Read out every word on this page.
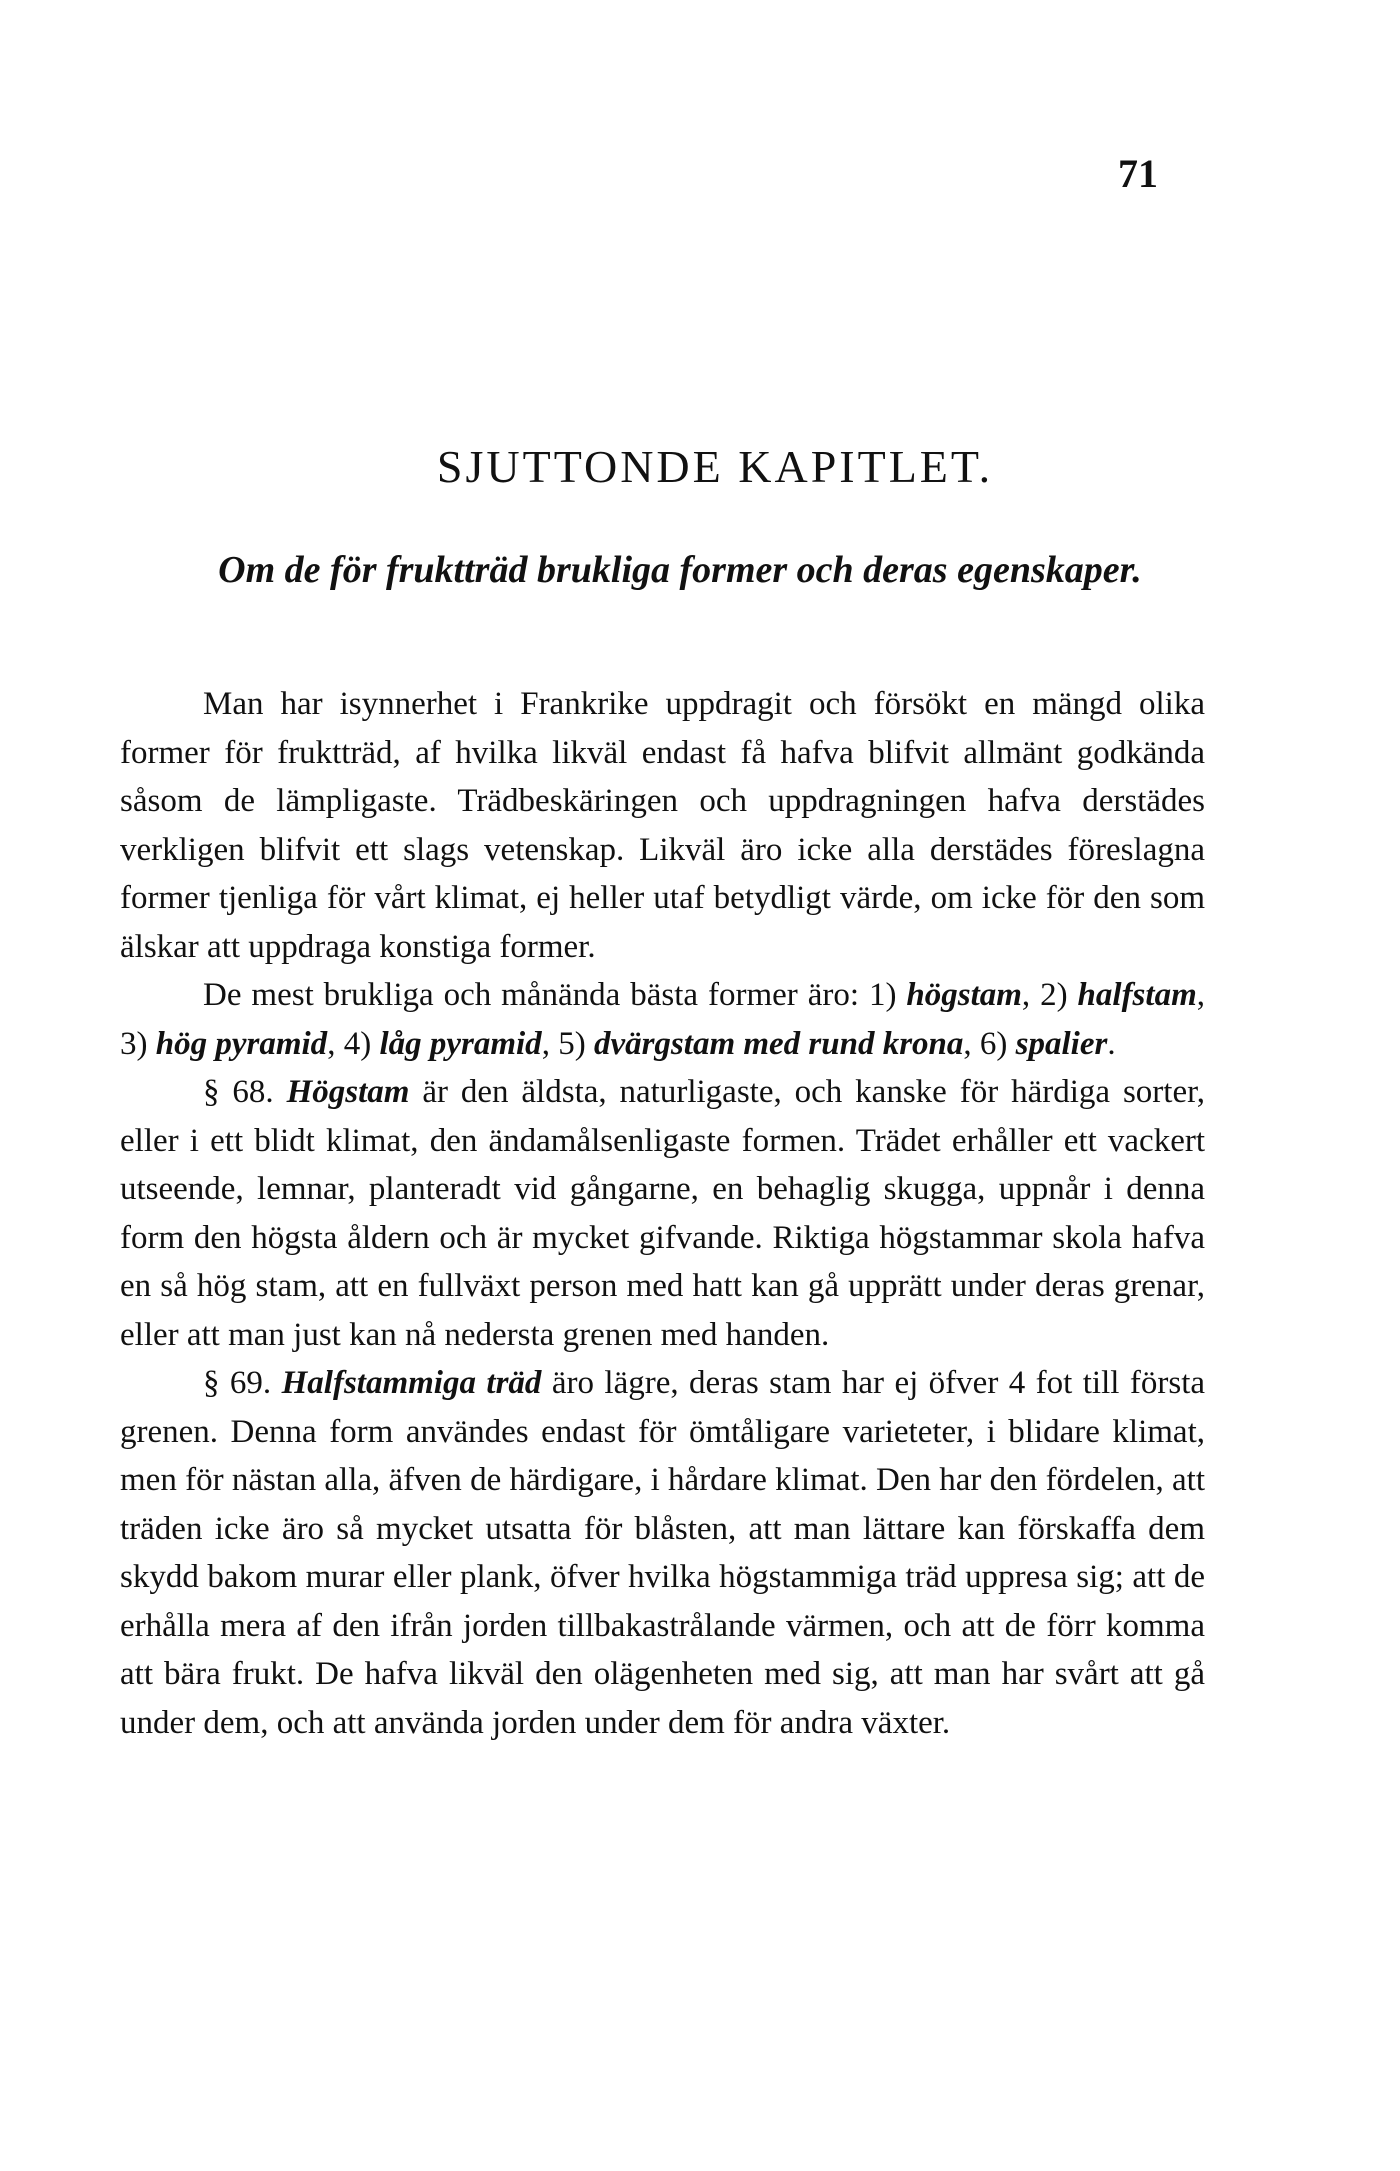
71
SJUTTONDE KAPITLET.
Om de för fruktträd brukliga former och deras egenskaper.

Man har isynnerhet i Frankrike uppdragit och försökt en mängd olika former för fruktträd, af hvilka likväl endast få hafva blifvit allmänt godkända såsom de lämpligaste. Trädbeskäringen och uppdragningen hafva derstädes verkligen blifvit ett slags vetenskap. Likväl äro icke alla derstädes föreslagna former tjenliga för vårt klimat, ej heller utaf betydligt värde, om icke för den som älskar att uppdraga konstiga former.

De mest brukliga och månända bästa former äro: 1) högstam, 2) halfstam, 3) hög pyramid, 4) låg pyramid, 5) dvärgstam med rund krona, 6) spalier.

§ 68. Högstam är den äldsta, naturligaste, och kanske för härdiga sorter, eller i ett blidt klimat, den ändamålsenligaste formen. Trädet erhåller ett vackert utseende, lemnar, planteradt vid gångarne, en behaglig skugga, uppnår i denna form den högsta åldern och är mycket gifvande. Riktiga högstammar skola hafva en så hög stam, att en fullväxt person med hatt kan gå upprätt under deras grenar, eller att man just kan nå nedersta grenen med handen.

§ 69. Halfstammiga träd äro lägre, deras stam har ej öfver 4 fot till första grenen. Denna form användes endast för ömtåligare varieteter, i blidare klimat, men för nästan alla, äfven de härdigare, i hårdare klimat. Den har den fördelen, att träden icke äro så mycket utsatta för blåsten, att man lättare kan förskaffa dem skydd bakom murar eller plank, öfver hvilka högstammiga träd uppresa sig; att de erhålla mera af den ifrån jorden tillbakastrålande värmen, och att de förr komma att bära frukt. De hafva likväl den olägenheten med sig, att man har svårt att gå under dem, och att använda jorden under dem för andra växter.
